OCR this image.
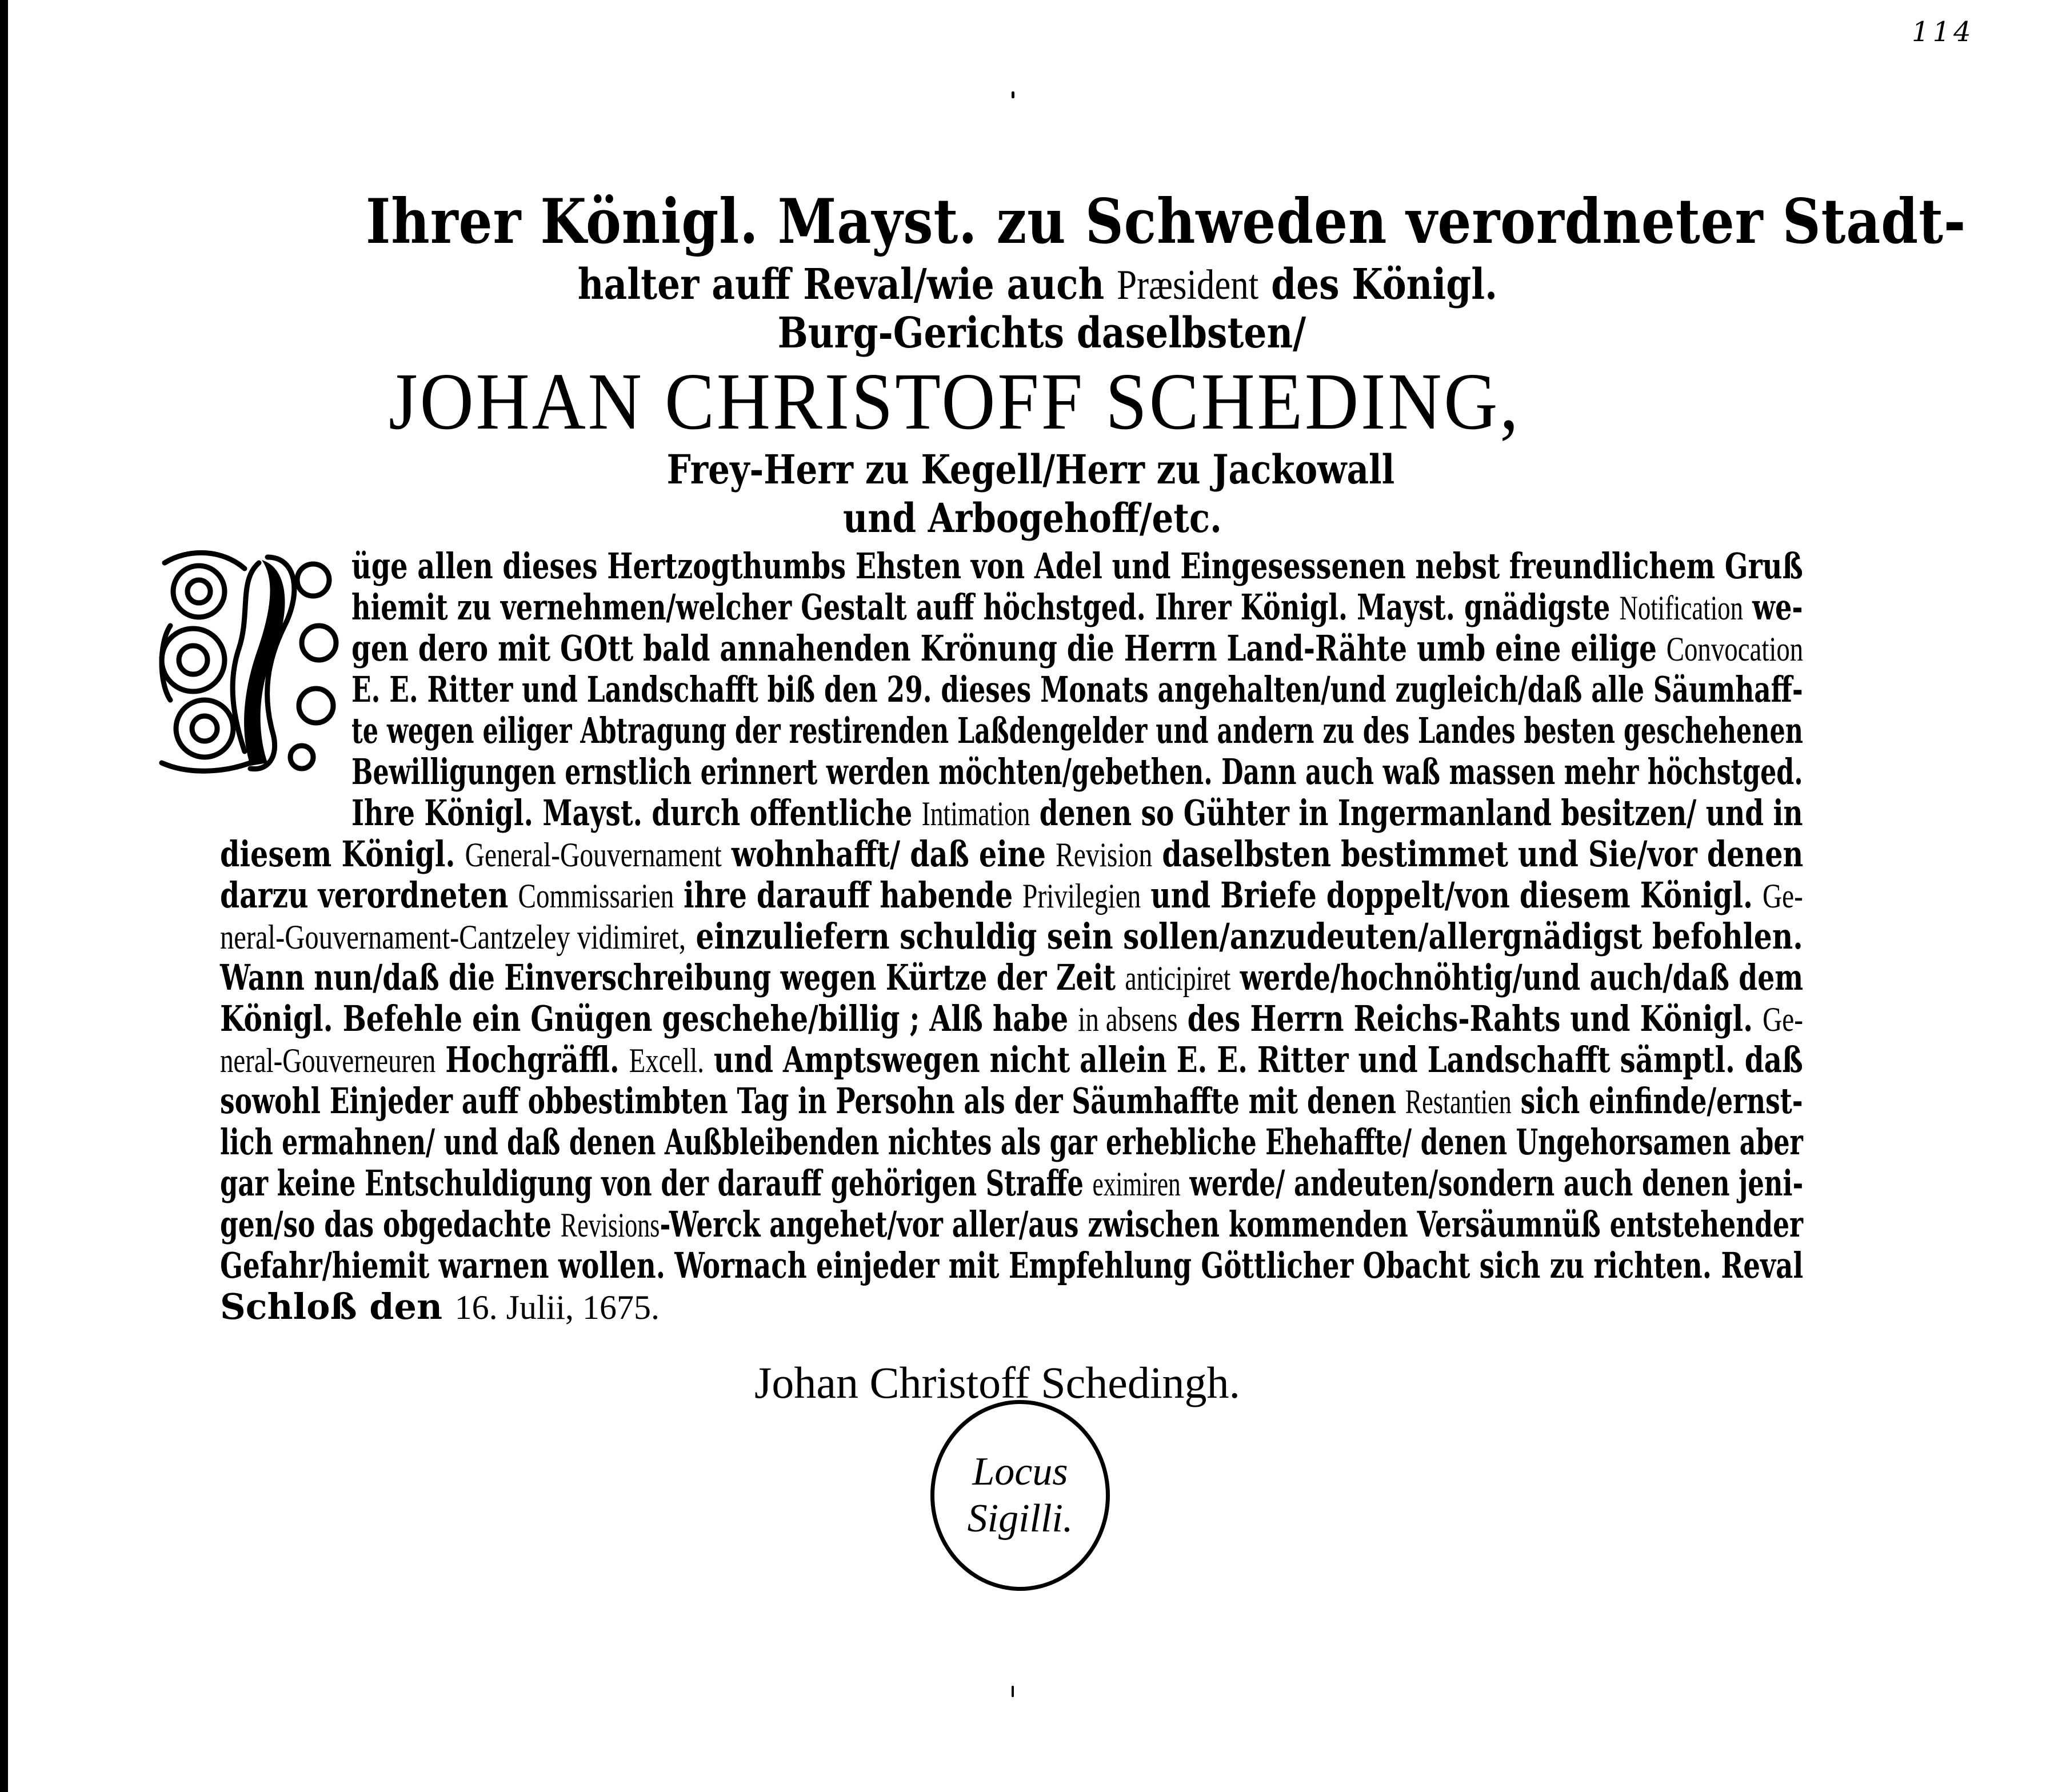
114
Ihrer Königl. Mayst. zu Schweden verordneter Stadt-
halter auff Reval/wie auch Præsident des Königl.
Burg-Gerichts daselbsten/
JOHAN CHRISTOFF SCHEDING,
Frey-Herr zu Kegell/Herr zu Jackowall
und Arbogehoff/etc.
F	üge allen dieses Hertzogthumbs Ehsten von Adel und Eingesessenen nebst freundlichem Gruß
hiemit zu vernehmen/welcher Gestalt auff höchstged. Ihrer Königl. Mayst. gnädigste Notification we-
gen dero mit GOtt bald annahenden Krönung die Herrn Land-Rähte umb eine eilige Convocation
E. E. Ritter und Landschafft biß den 29. dieses Monats angehalten/und zugleich/daß alle Säumhaff-
te wegen eiliger Abtragung der restirenden Laßdengelder und andern zu des Landes besten geschehenen
Bewilligungen ernstlich erinnert werden möchten/gebethen. Dann auch waß massen mehr höchstged.
Ihre Königl. Mayst. durch offentliche Intimation denen so Gühter in Ingermanland besitzen/ und in
diesem Königl. General-Gouvernament wohnhafft/ daß eine Revision daselbsten bestimmet und Sie/vor denen
darzu verordneten Commissarien ihre darauff habende Privilegien und Briefe doppelt/von diesem Königl. Ge-
neral-Gouvernament-Cantzeley vidimiret, einzuliefern schuldig sein sollen/anzudeuten/allergnädigst befohlen.
Wann nun/daß die Einverschreibung wegen Kürtze der Zeit anticipiret werde/hochnöhtig/und auch/daß dem
Königl. Befehle ein Gnügen geschehe/billig ; Alß habe in absens des Herrn Reichs-Rahts und Königl. Ge-
neral-Gouverneuren Hochgräffl. Excell. und Amptswegen nicht allein E. E. Ritter und Landschafft sämptl. daß
sowohl Einjeder auff obbestimbten Tag in Persohn als der Säumhaffte mit denen Restantien sich einfinde/ernst-
lich ermahnen/ und daß denen Außbleibenden nichtes als gar erhebliche Ehehaffte/ denen Ungehorsamen aber
gar keine Entschuldigung von der darauff gehörigen Straffe eximiren werde/ andeuten/sondern auch denen jeni-
gen/so das obgedachte Revisions-Werck angehet/vor aller/aus zwischen kommenden Versäumnüß entstehender
Gefahr/hiemit warnen wollen. Wornach einjeder mit Empfehlung Göttlicher Obacht sich zu richten. Reval
Schloß den 16. Julii, 1675.
Johan Christoff Schedingh.
Locus
Sigilli.
